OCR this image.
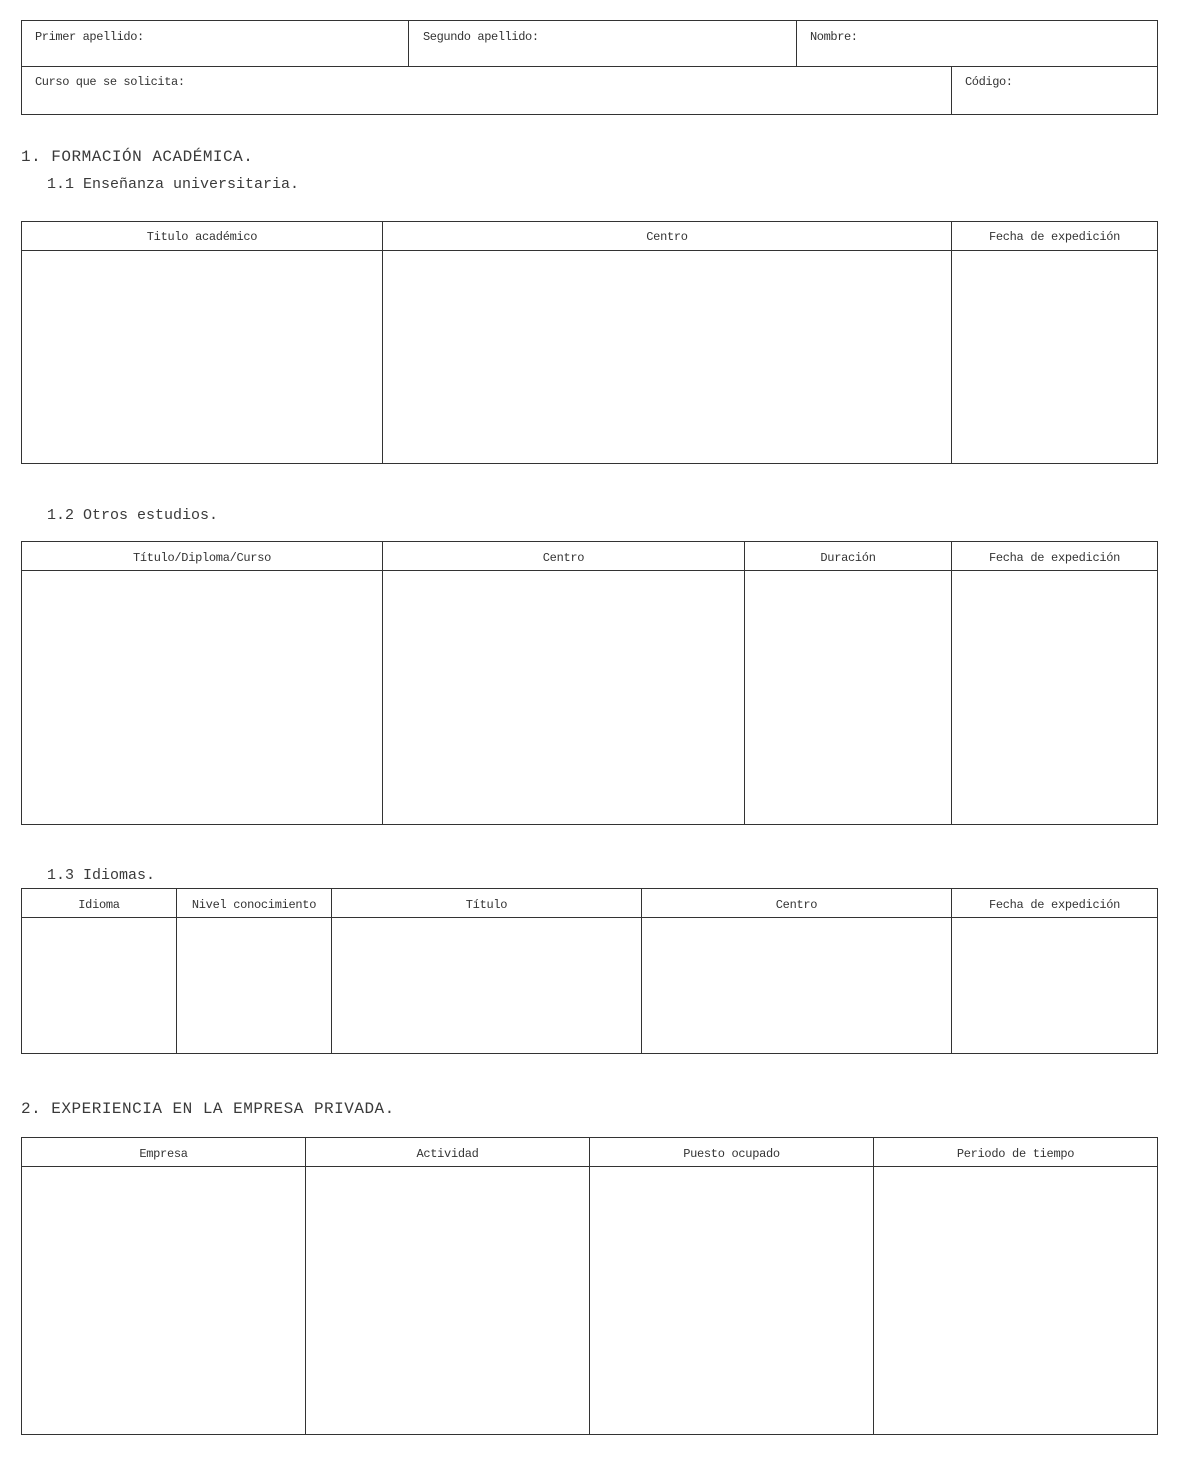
Primer apellido:	Segundo apellido:	Nombre:
Curso que se solicita:	Código:
1. FORMACIÓN ACADÉMICA.
1.1 Enseñanza universitaria.
Titulo académico	Centro	Fecha de expedición
1.2 Otros estudios.
Título/Diploma/Curso	Centro	Duración	Fecha de expedición
1.3 Idiomas.
Idioma	Nivel conocimiento	Título	Centro	Fecha de expedición
2. EXPERIENCIA EN LA EMPRESA PRIVADA.
Empresa	Actividad	Puesto ocupado	Periodo de tiempo
